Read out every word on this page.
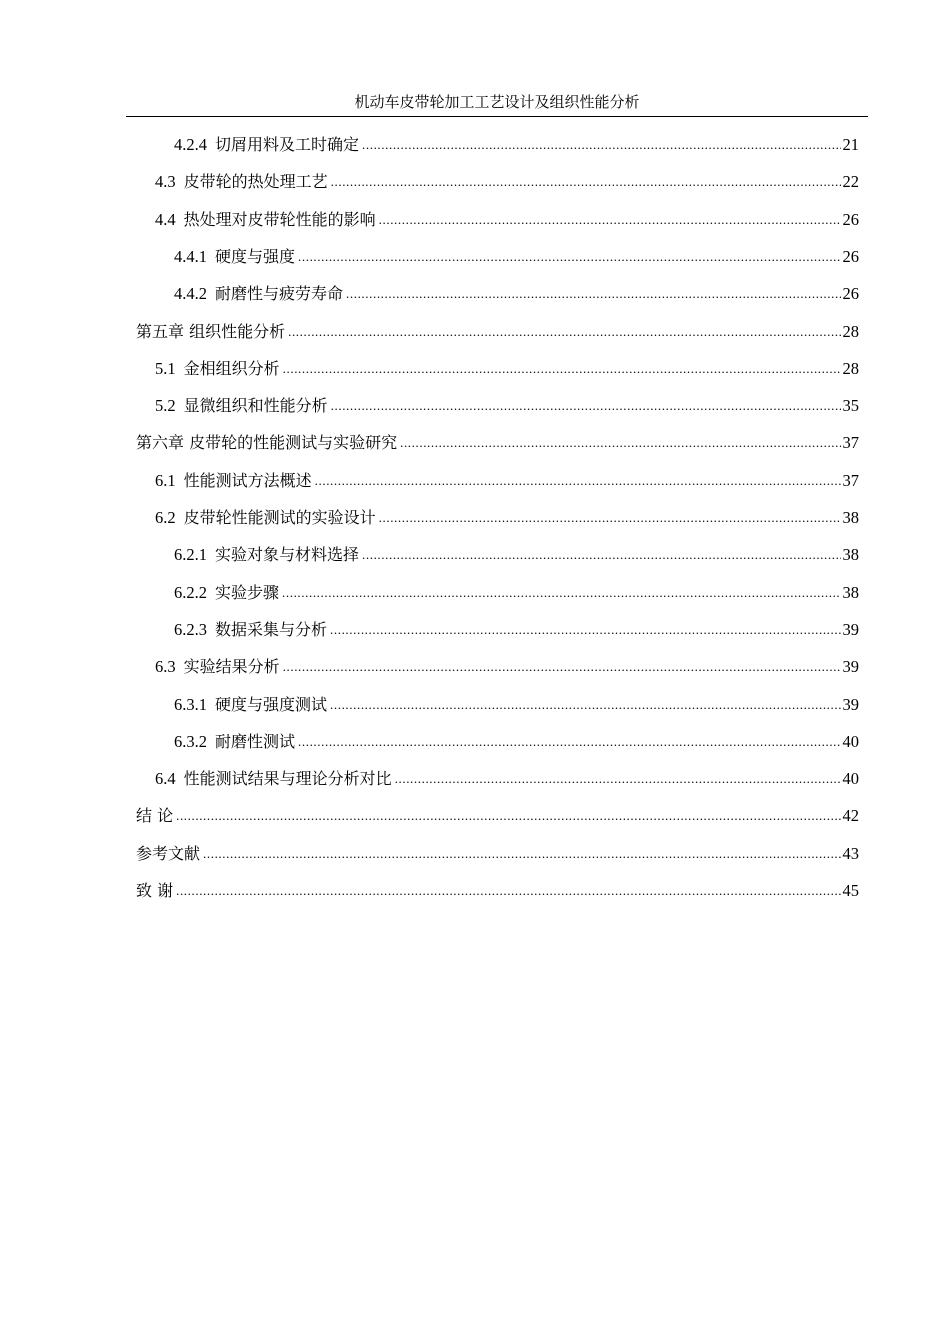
机动车皮带轮加工工艺设计及组织性能分析
4.2.4 切屑用料及工时确定 .....	21
4.3 皮带轮的热处理工艺 .....	22
4.4 热处理对皮带轮性能的影响 .....	26
4.4.1 硬度与强度 .....	26
4.4.2 耐磨性与疲劳寿命 .....	26
第五章 组织性能分析 .....	28
5.1 金相组织分析 .....	28
5.2 显微组织和性能分析 .....	35
第六章 皮带轮的性能测试与实验研究 .....	37
6.1 性能测试方法概述 .....	37
6.2 皮带轮性能测试的实验设计 .....	38
6.2.1 实验对象与材料选择 .....	38
6.2.2 实验步骤 .....	38
6.2.3 数据采集与分析 .....	39
6.3 实验结果分析 .....	39
6.3.1 硬度与强度测试 .....	39
6.3.2 耐磨性测试 .....	40
6.4 性能测试结果与理论分析对比 .....	40
结 论 .....	42
参考文献 .....	43
致 谢 .....	45
